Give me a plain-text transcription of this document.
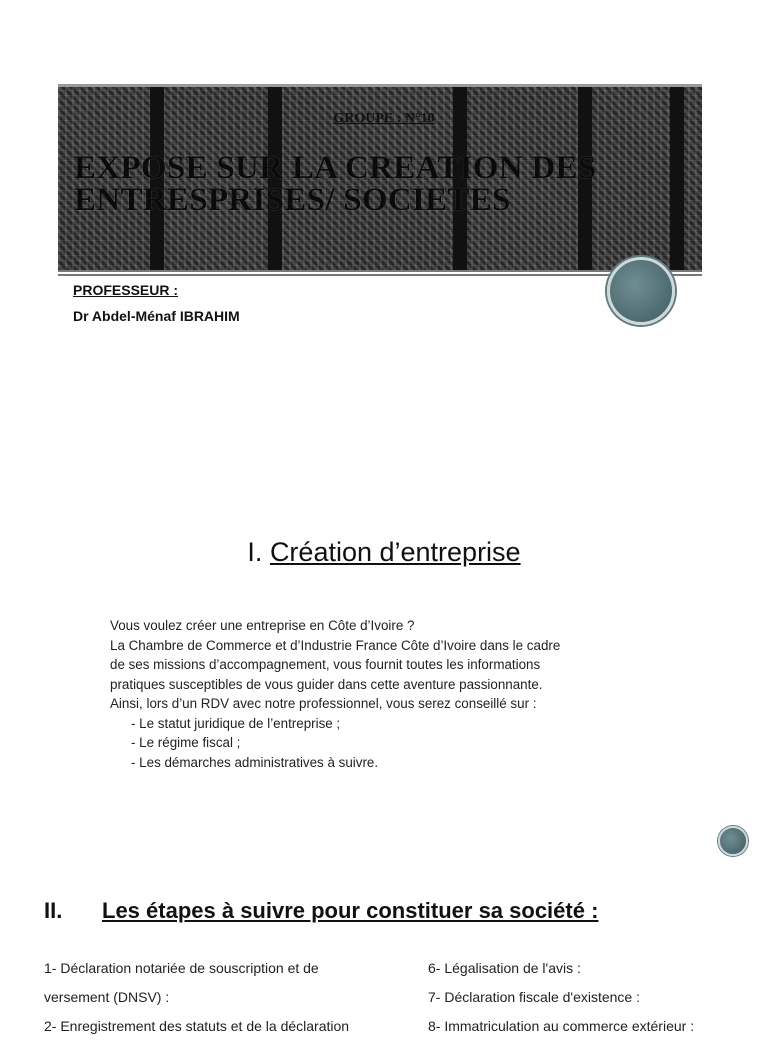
GROUPE : N°10
EXPOSE SUR LA CREATION DES
ENTRESPRISES/ SOCIETES
PROFESSEUR :
Dr Abdel-Ménaf IBRAHIM
I. Création d’entreprise
Vous voulez créer une entreprise en Côte d’Ivoire ?
La Chambre de Commerce et d’Industrie France Côte d’Ivoire dans le cadre
de ses missions d’accompagnement, vous fournit toutes les informations
pratiques susceptibles de vous guider dans cette aventure passionnante.
Ainsi, lors d’un RDV avec notre professionnel, vous serez conseillé sur :
- Le statut juridique de l’entreprise ;
- Le régime fiscal ;
- Les démarches administratives à suivre.
II. Les étapes à suivre pour constituer sa société :
1- Déclaration notariée de souscription et de
versement (DNSV) :
2- Enregistrement des statuts et de la déclaration
6- Légalisation de l'avis :
7- Déclaration fiscale d'existence :
8- Immatriculation au commerce extérieur :
